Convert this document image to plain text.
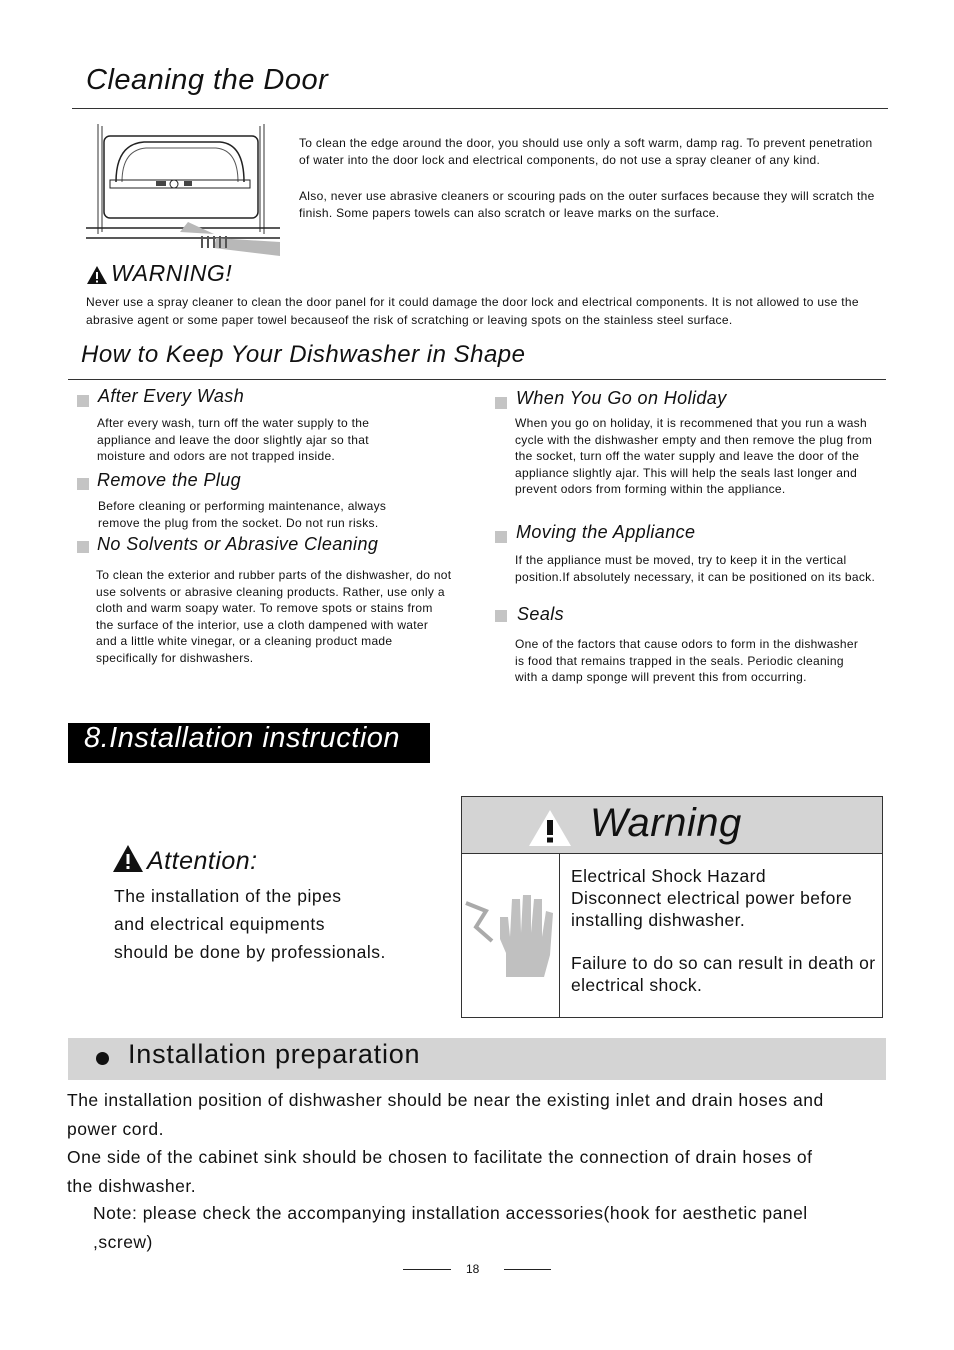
Cleaning the Door
To clean the edge around the door, you should use only a soft warm, damp rag. To prevent penetration of water into the door lock and electrical components, do not use a spray cleaner of any kind.
Also, never use abrasive cleaners or scouring pads on the outer surfaces because they will scratch the finish. Some papers towels can also scratch or leave marks on the surface.
WARNING!
Never use a spray cleaner to clean the door panel for it could damage the door lock and electrical components. It is not allowed to use the abrasive agent or some paper towel becauseof the risk of scratching or leaving spots on the stainless steel surface.
How to Keep Your Dishwasher in Shape
After Every Wash
After every wash, turn off the water supply to the appliance and leave the door slightly ajar so that moisture and odors are not trapped inside.
Remove the Plug
Before cleaning or performing maintenance, always remove the plug from the socket. Do not run risks.
No Solvents or Abrasive Cleaning
To clean the exterior and rubber parts of the dishwasher, do not use solvents or abrasive cleaning products. Rather, use only a cloth and warm soapy water. To remove spots or stains from the surface of the interior, use a cloth dampened with water and a little white vinegar, or a cleaning product made specifically for dishwashers.
When You Go on Holiday
When you go on holiday, it is recommened that you run a wash cycle with the dishwasher empty and then remove the plug from the socket, turn off the water supply and leave the door of the appliance slightly ajar. This will help the seals last longer and prevent odors from forming within the appliance.
Moving the Appliance
If the appliance must be moved, try to keep it in the vertical position.If absolutely necessary, it can be positioned on its back.
Seals
One of the factors that cause odors to form in the dishwasher is food that remains trapped in the seals. Periodic cleaning with a damp sponge will prevent this from occurring.
8.Installation instruction
Attention:
The installation of the pipes
and electrical equipments
should be done by professionals.
Warning
Electrical Shock Hazard
Disconnect electrical power before
installing dishwasher.
Failure to do so can result in death or electrical shock.
Installation preparation
The installation position of dishwasher should be near the existing inlet and drain hoses and power cord.
One side of the cabinet sink should be chosen to facilitate the connection of drain hoses of the dishwasher.
Note: please check the accompanying installation accessories(hook for aesthetic panel ,screw)
18
